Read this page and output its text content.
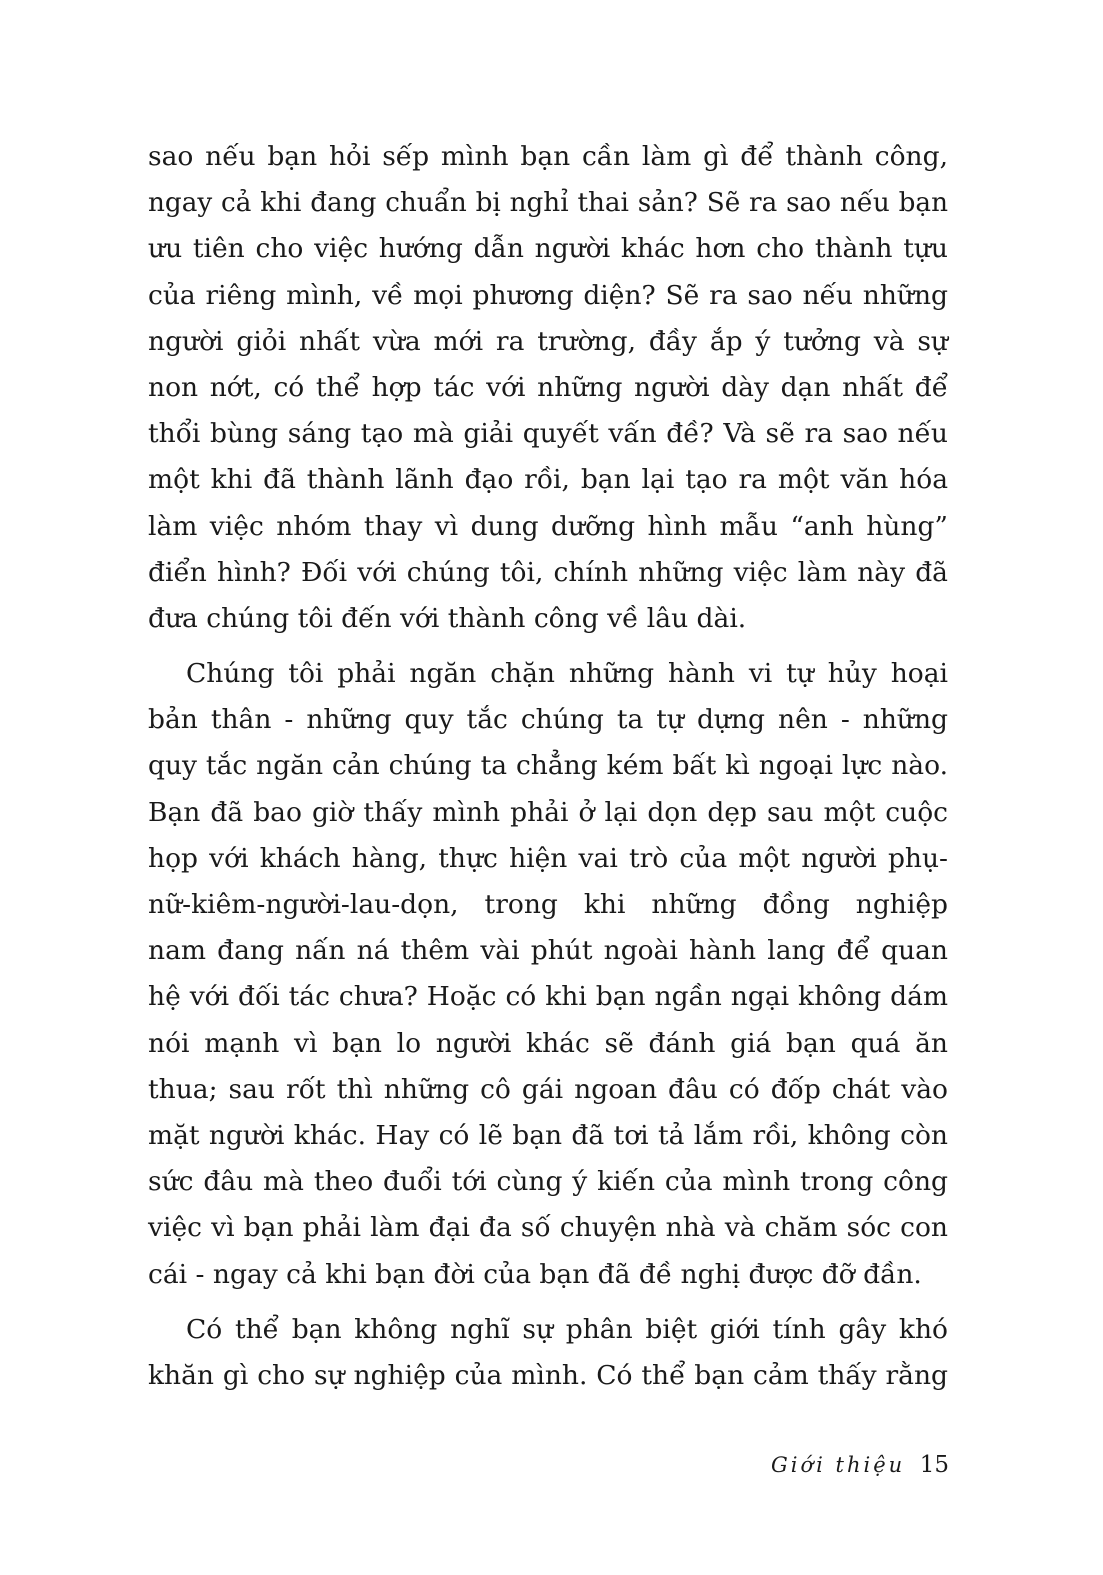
sao nếu bạn hỏi sếp mình bạn cần làm gì để thành công,
ngay cả khi đang chuẩn bị nghỉ thai sản? Sẽ ra sao nếu bạn
ưu tiên cho việc hướng dẫn người khác hơn cho thành tựu
của riêng mình, về mọi phương diện? Sẽ ra sao nếu những
người giỏi nhất vừa mới ra trường, đầy ắp ý tưởng và sự
non nớt, có thể hợp tác với những người dày dạn nhất để
thổi bùng sáng tạo mà giải quyết vấn đề? Và sẽ ra sao nếu
một khi đã thành lãnh đạo rồi, bạn lại tạo ra một văn hóa
làm việc nhóm thay vì dung dưỡng hình mẫu “anh hùng”
điển hình? Đối với chúng tôi, chính những việc làm này đã
đưa chúng tôi đến với thành công về lâu dài.
Chúng tôi phải ngăn chặn những hành vi tự hủy hoại
bản thân - những quy tắc chúng ta tự dựng nên - những
quy tắc ngăn cản chúng ta chẳng kém bất kì ngoại lực nào.
Bạn đã bao giờ thấy mình phải ở lại dọn dẹp sau một cuộc
họp với khách hàng, thực hiện vai trò của một người phụ-
nữ-kiêm-người-lau-dọn, trong khi những đồng nghiệp
nam đang nấn ná thêm vài phút ngoài hành lang để quan
hệ với đối tác chưa? Hoặc có khi bạn ngần ngại không dám
nói mạnh vì bạn lo người khác sẽ đánh giá bạn quá ăn
thua; sau rốt thì những cô gái ngoan đâu có đốp chát vào
mặt người khác. Hay có lẽ bạn đã tơi tả lắm rồi, không còn
sức đâu mà theo đuổi tới cùng ý kiến của mình trong công
việc vì bạn phải làm đại đa số chuyện nhà và chăm sóc con
cái - ngay cả khi bạn đời của bạn đã đề nghị được đỡ đần.
Có thể bạn không nghĩ sự phân biệt giới tính gây khó
khăn gì cho sự nghiệp của mình. Có thể bạn cảm thấy rằng
Giới thiệu 15
